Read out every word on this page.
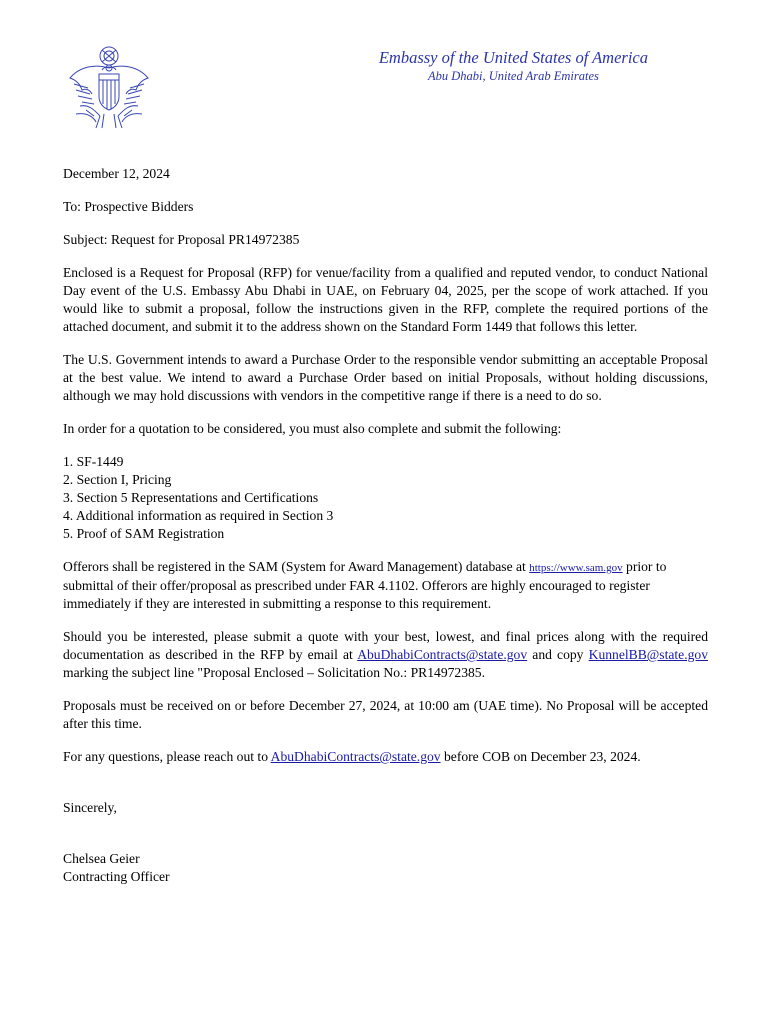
Embassy of the United States of America
Abu Dhabi, United Arab Emirates

December 12, 2024

To: Prospective Bidders

Subject: Request for Proposal PR14972385

Enclosed is a Request for Proposal (RFP) for venue/facility from a qualified and reputed vendor, to conduct National Day event of the U.S. Embassy Abu Dhabi in UAE, on February 04, 2025, per the scope of work attached. If you would like to submit a proposal, follow the instructions given in the RFP, complete the required portions of the attached document, and submit it to the address shown on the Standard Form 1449 that follows this letter.

The U.S. Government intends to award a Purchase Order to the responsible vendor submitting an acceptable Proposal at the best value. We intend to award a Purchase Order based on initial Proposals, without holding discussions, although we may hold discussions with vendors in the competitive range if there is a need to do so.

In order for a quotation to be considered, you must also complete and submit the following:

1. SF-1449
2. Section I, Pricing
3. Section 5 Representations and Certifications
4. Additional information as required in Section 3
5. Proof of SAM Registration

Offerors shall be registered in the SAM (System for Award Management) database at https://www.sam.gov prior to submittal of their offer/proposal as prescribed under FAR 4.1102. Offerors are highly encouraged to register immediately if they are interested in submitting a response to this requirement.

Should you be interested, please submit a quote with your best, lowest, and final prices along with the required documentation as described in the RFP by email at AbuDhabiContracts@state.gov and copy KunnelBB@state.gov marking the subject line "Proposal Enclosed – Solicitation No.: PR14972385.

Proposals must be received on or before December 27, 2024, at 10:00 am (UAE time). No Proposal will be accepted after this time.

For any questions, please reach out to AbuDhabiContracts@state.gov before COB on December 23, 2024.

Sincerely,

Chelsea Geier

Contracting Officer
